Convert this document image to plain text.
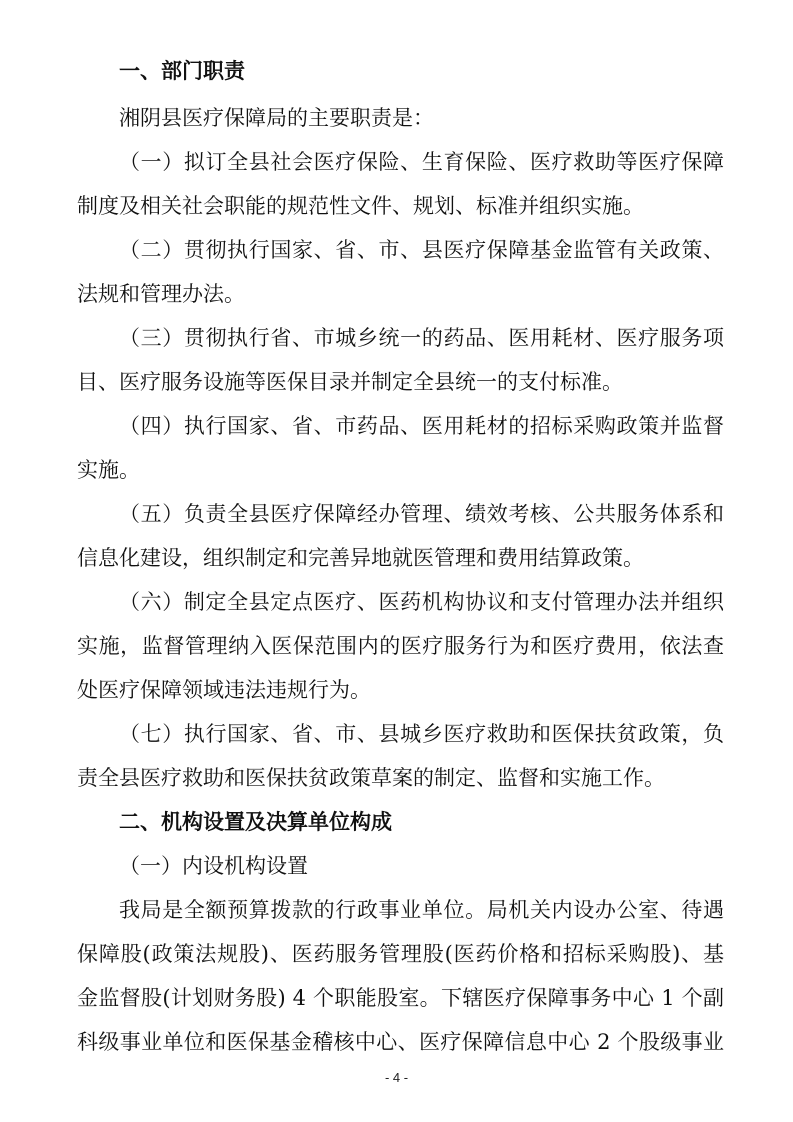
一、部门职责
湘阴县医疗保障局的主要职责是：
（一）拟订全县社会医疗保险、生育保险、医疗救助等医疗保障
制度及相关社会职能的规范性文件、规划、标准并组织实施。
（二）贯彻执行国家、省、市、县医疗保障基金监管有关政策、
法规和管理办法。
（三）贯彻执行省、市城乡统一的药品、医用耗材、医疗服务项
目、医疗服务设施等医保目录并制定全县统一的支付标准。
（四）执行国家、省、市药品、医用耗材的招标采购政策并监督
实施。
（五）负责全县医疗保障经办管理、绩效考核、公共服务体系和
信息化建设，组织制定和完善异地就医管理和费用结算政策。
（六）制定全县定点医疗、医药机构协议和支付管理办法并组织
实施，监督管理纳入医保范围内的医疗服务行为和医疗费用，依法查
处医疗保障领域违法违规行为。
（七）执行国家、省、市、县城乡医疗救助和医保扶贫政策，负
责全县医疗救助和医保扶贫政策草案的制定、监督和实施工作。
二、机构设置及决算单位构成
（一）内设机构设置
我局是全额预算拨款的行政事业单位。局机关内设办公室、待遇
保障股(政策法规股)、医药服务管理股(医药价格和招标采购股)、基
金监督股(计划财务股) 4 个职能股室。下辖医疗保障事务中心 1 个副
科级事业单位和医保基金稽核中心、医疗保障信息中心 2 个股级事业
- 4 -
